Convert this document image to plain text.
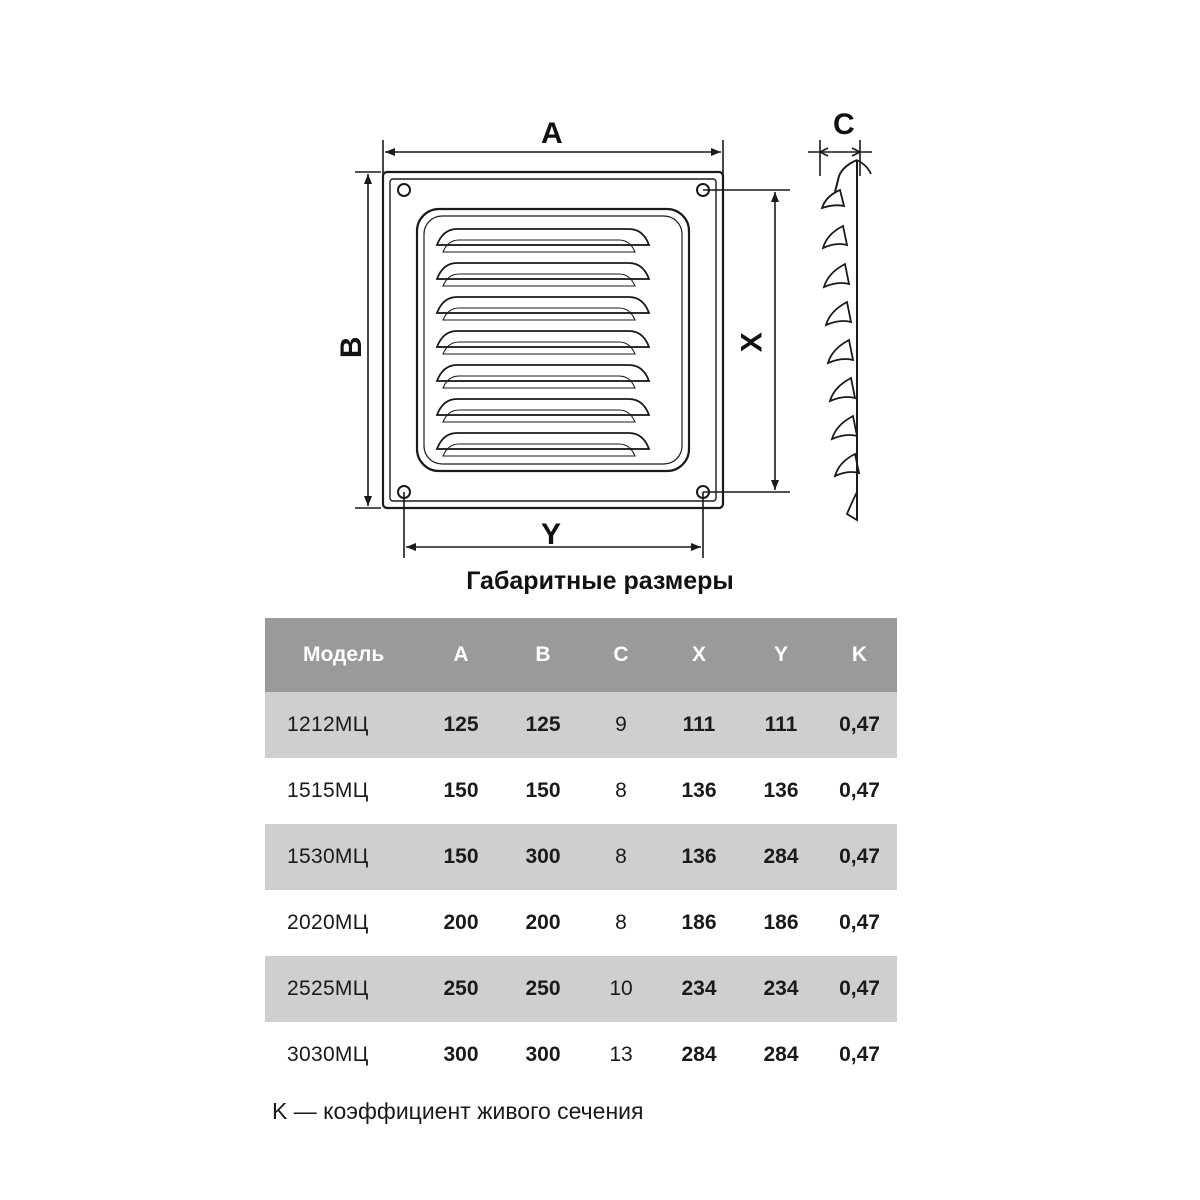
A
B
C
X
Y
Габаритные размеры
Модель	A	B	C	X	Y	K
1212МЦ	125	125	9	111	111	0,47
1515МЦ	150	150	8	136	136	0,47
1530МЦ	150	300	8	136	284	0,47
2020МЦ	200	200	8	186	186	0,47
2525МЦ	250	250	10	234	234	0,47
3030МЦ	300	300	13	284	284	0,47
K — коэффициент живого сечения
